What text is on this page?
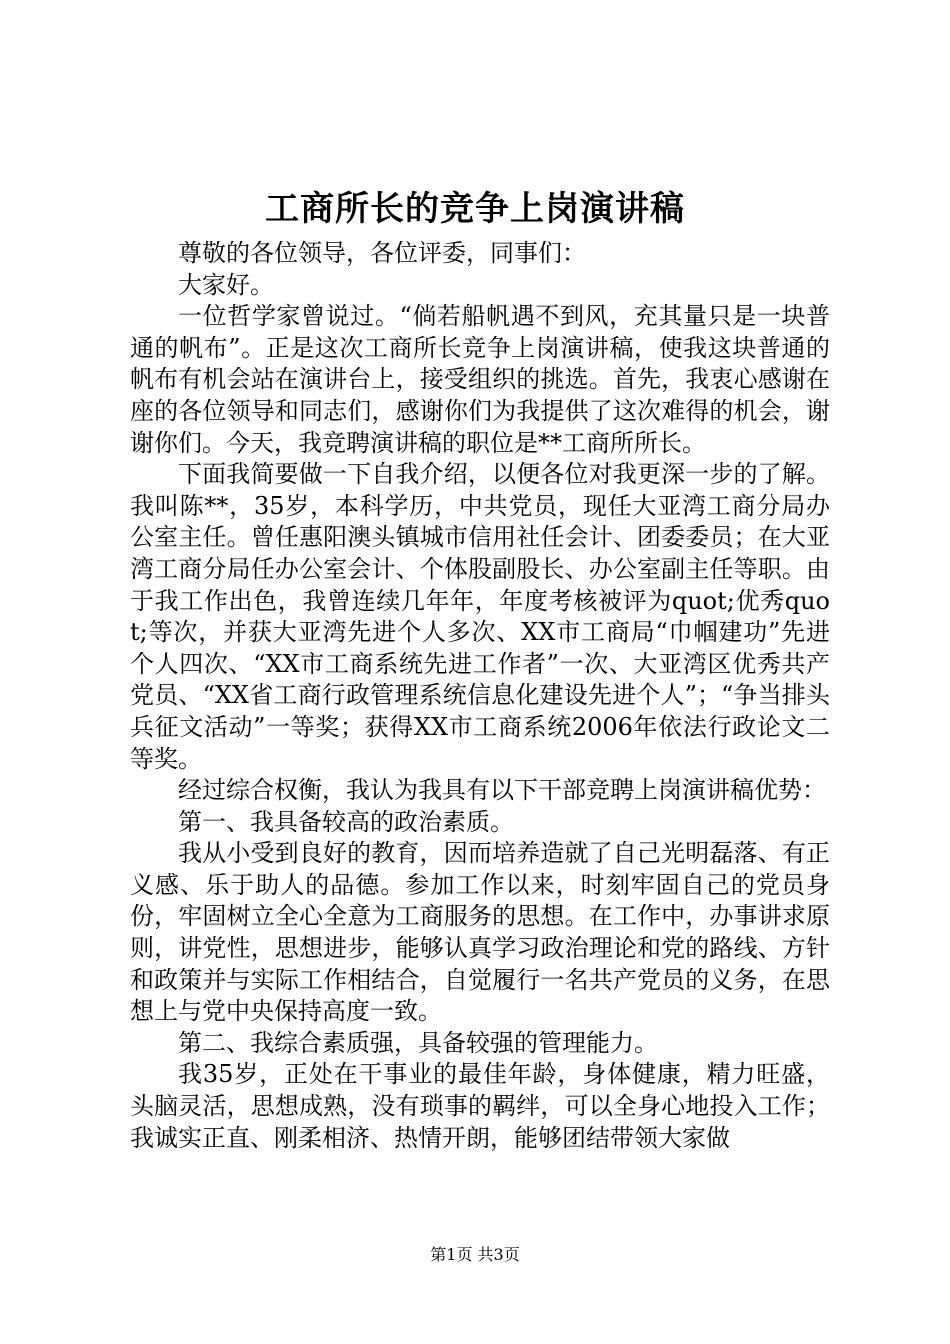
工商所长的竞争上岗演讲稿

尊敬的各位领导，各位评委，同事们：

大家好。

一位哲学家曾说过。“倘若船帆遇不到风，充其量只是一块普通的帆布”。正是这次工商所长竞争上岗演讲稿，使我这块普通的帆布有机会站在演讲台上，接受组织的挑选。首先，我衷心感谢在座的各位领导和同志们，感谢你们为我提供了这次难得的机会，谢谢你们。今天，我竞聘演讲稿的职位是**工商所所长。

下面我简要做一下自我介绍，以便各位对我更深一步的了解。我叫陈**，35岁，本科学历，中共党员，现任大亚湾工商分局办公室主任。曾任惠阳澳头镇城市信用社任会计、团委委员；在大亚湾工商分局任办公室会计、个体股副股长、办公室副主任等职。由于我工作出色，我曾连续几年年，年度考核被评为quot;优秀quot;等次，并获大亚湾先进个人多次、XX市工商局“巾帼建功”先进个人四次、“XX市工商系统先进工作者”一次、大亚湾区优秀共产党员、“XX省工商行政管理系统信息化建设先进个人”；“争当排头兵征文活动”一等奖；获得XX市工商系统2006年依法行政论文二等奖。

经过综合权衡，我认为我具有以下干部竞聘上岗演讲稿优势：

第一、我具备较高的政治素质。

我从小受到良好的教育，因而培养造就了自己光明磊落、有正义感、乐于助人的品德。参加工作以来，时刻牢固自己的党员身份，牢固树立全心全意为工商服务的思想。在工作中，办事讲求原则，讲党性，思想进步，能够认真学习政治理论和党的路线、方针和政策并与实际工作相结合，自觉履行一名共产党员的义务，在思想上与党中央保持高度一致。

第二、我综合素质强，具备较强的管理能力。

我35岁，正处在干事业的最佳年龄，身体健康，精力旺盛，头脑灵活，思想成熟，没有琐事的羁绊，可以全身心地投入工作；我诚实正直、刚柔相济、热情开朗，能够团结带领大家做

第1页 共3页
